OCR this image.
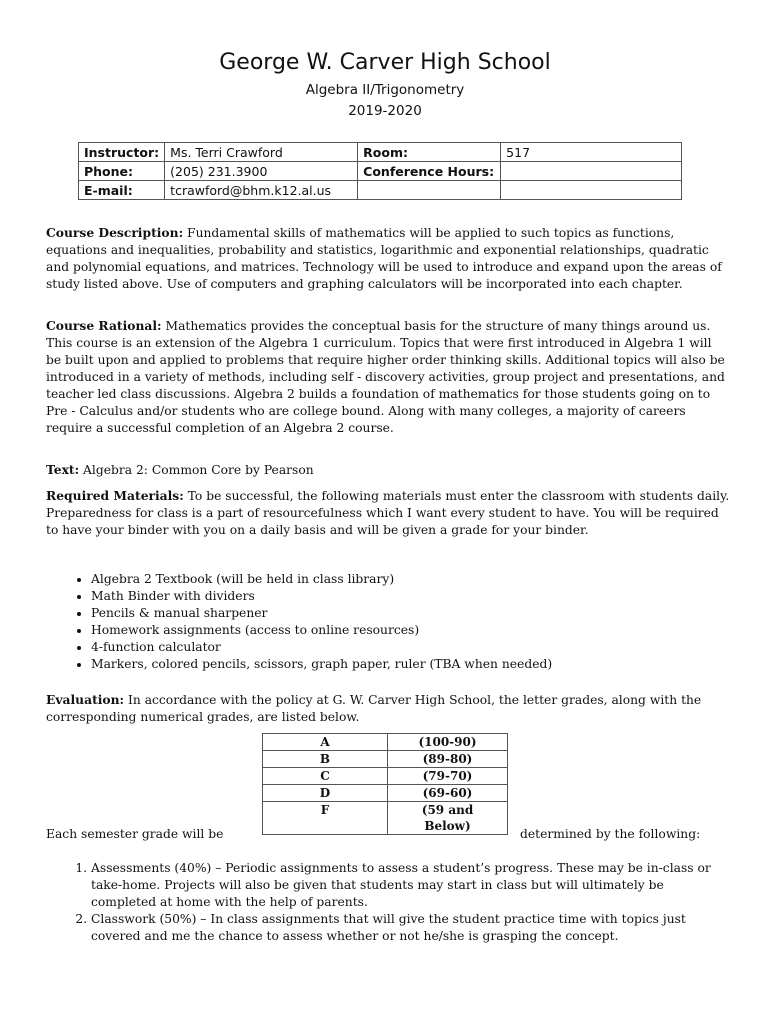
George W. Carver High School
Algebra II/Trigonometry
2019-2020
Instructor:	Ms. Terri Crawford	Room:	517
Phone:	(205) 231.3900	Conference Hours:	
E-mail:	tcrawford@bhm.k12.al.us		

Course Description: Fundamental skills of mathematics will be applied to such topics as functions, equations and inequalities, probability and statistics, logarithmic and exponential relationships, quadratic and polynomial equations, and matrices. Technology will be used to introduce and expand upon the areas of study listed above. Use of computers and graphing calculators will be incorporated into each chapter.

Course Rational: Mathematics provides the conceptual basis for the structure of many things around us. This course is an extension of the Algebra 1 curriculum. Topics that were first introduced in Algebra 1 will be built upon and applied to problems that require higher order thinking skills. Additional topics will also be introduced in a variety of methods, including self - discovery activities, group project and presentations, and teacher led class discussions. Algebra 2 builds a foundation of mathematics for those students going on to Pre - Calculus and/or students who are college bound. Along with many colleges, a majority of careers require a successful completion of an Algebra 2 course.

Text: Algebra 2: Common Core by Pearson

Required Materials: To be successful, the following materials must enter the classroom with students daily. Preparedness for class is a part of resourcefulness which I want every student to have. You will be required to have your binder with you on a daily basis and will be given a grade for your binder.

• Algebra 2 Textbook (will be held in class library)
• Math Binder with dividers
• Pencils & manual sharpener
• Homework assignments (access to online resources)
• 4-function calculator
• Markers, colored pencils, scissors, graph paper, ruler (TBA when needed)

Evaluation: In accordance with the policy at G. W. Carver High School, the letter grades, along with the corresponding numerical grades, are listed below.

A	(100-90)
B	(89-80)
C	(79-70)
D	(69-60)
F	(59 and Below)
Each semester grade will be	determined by the following:
1. Assessments (40%) – Periodic assignments to assess a student’s progress. These may be in-class or take-home. Projects will also be given that students may start in class but will ultimately be completed at home with the help of parents.
2. Classwork (50%) – In class assignments that will give the student practice time with topics just covered and me the chance to assess whether or not he/she is grasping the concept.
